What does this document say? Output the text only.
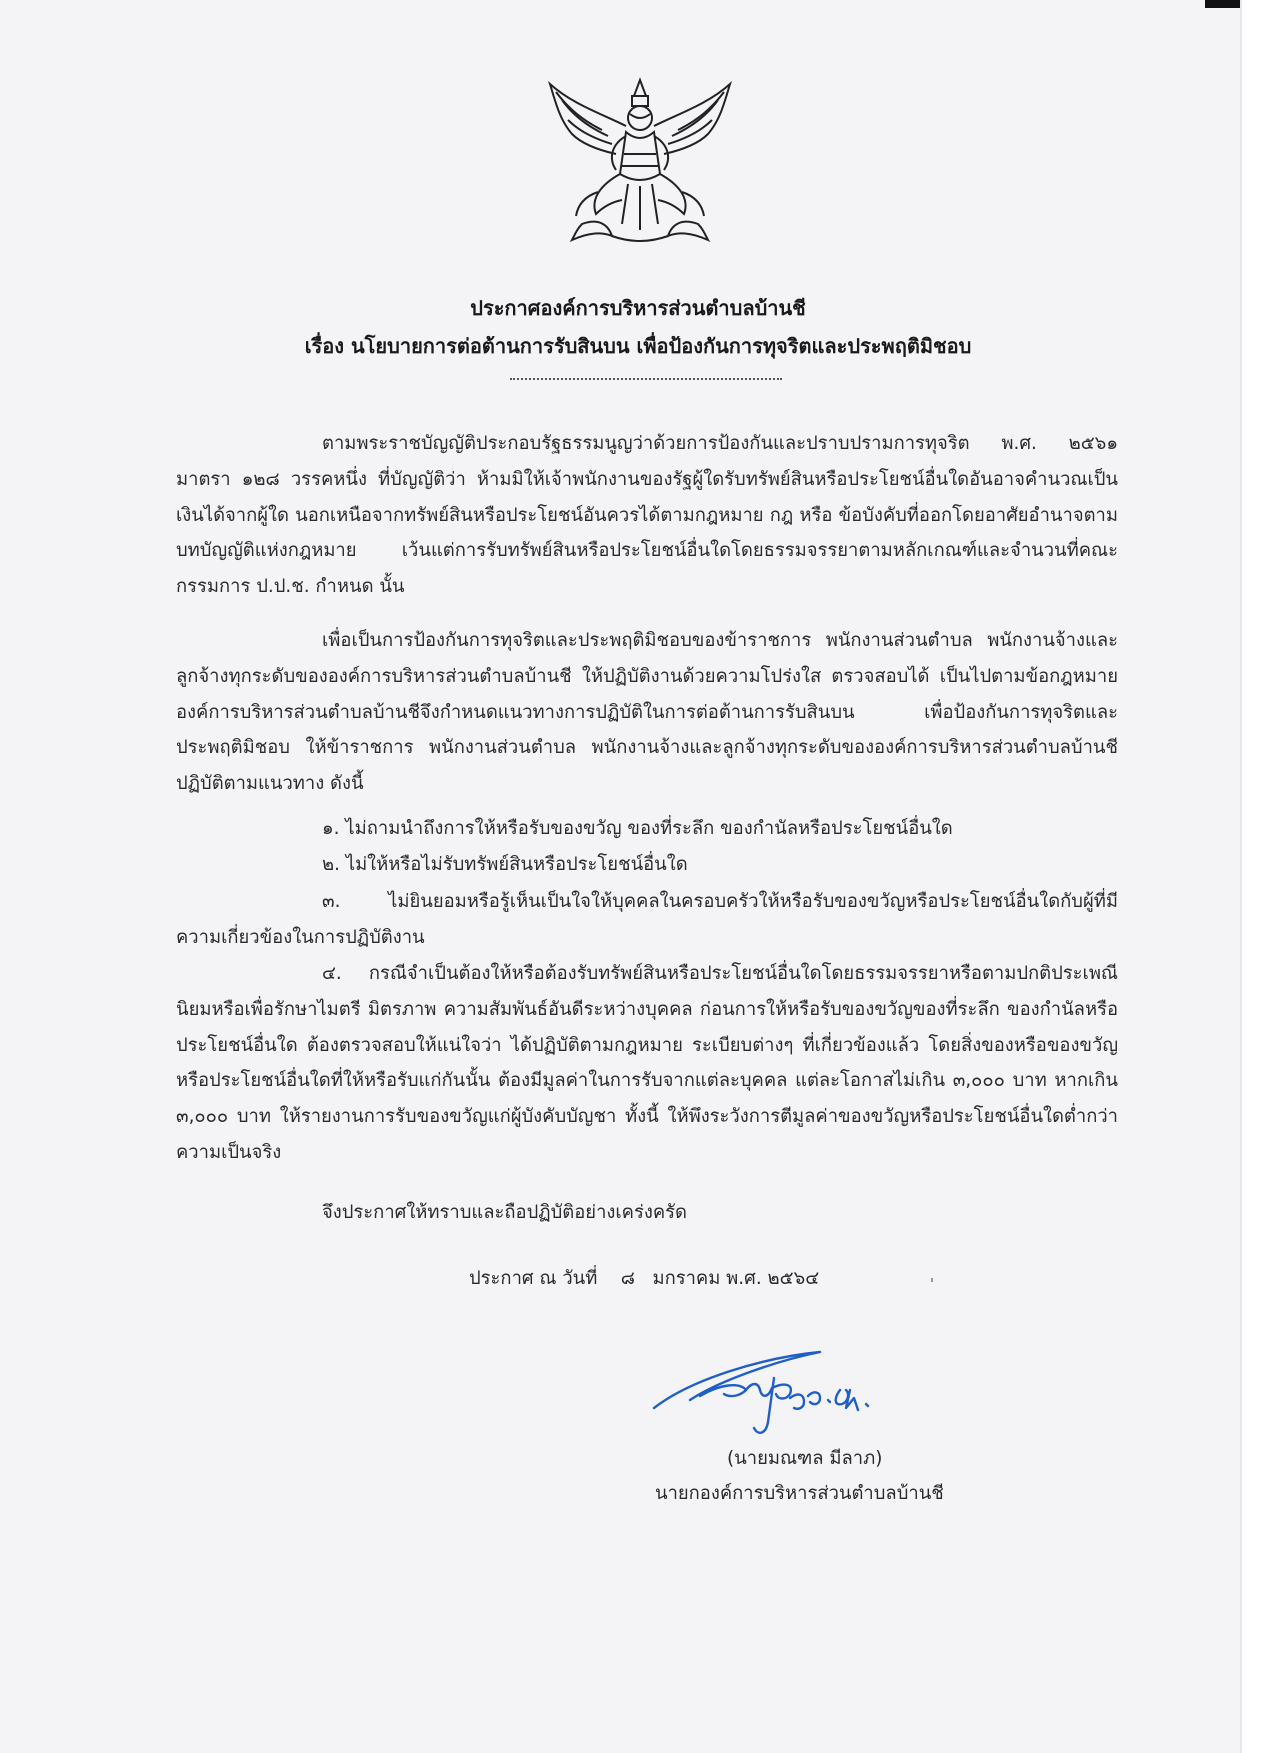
ประกาศองค์การบริหารส่วนตำบลบ้านชี
เรื่อง นโยบายการต่อต้านการรับสินบน เพื่อป้องกันการทุจริตและประพฤติมิชอบ

ตามพระราชบัญญัติประกอบรัฐธรรมนูญว่าด้วยการป้องกันและปราบปรามการทุจริต พ.ศ. ๒๕๖๑ มาตรา ๑๒๘ วรรคหนึ่ง ที่บัญญัติว่า ห้ามมิให้เจ้าพนักงานของรัฐผู้ใดรับทรัพย์สินหรือประโยชน์อื่นใดอันอาจคำนวณเป็นเงินได้จากผู้ใด นอกเหนือจากทรัพย์สินหรือประโยชน์อันควรได้ตามกฎหมาย กฎ หรือ ข้อบังคับที่ออกโดยอาศัยอำนาจตามบทบัญญัติแห่งกฎหมาย เว้นแต่การรับทรัพย์สินหรือประโยชน์อื่นใดโดยธรรมจรรยาตามหลักเกณฑ์และจำนวนที่คณะกรรมการ ป.ป.ช. กำหนด นั้น

เพื่อเป็นการป้องกันการทุจริตและประพฤติมิชอบของข้าราชการ พนักงานส่วนตำบล พนักงานจ้างและลูกจ้างทุกระดับขององค์การบริหารส่วนตำบลบ้านชี ให้ปฏิบัติงานด้วยความโปร่งใส ตรวจสอบได้ เป็นไปตามข้อกฎหมาย องค์การบริหารส่วนตำบลบ้านชีจึงกำหนดแนวทางการปฏิบัติในการต่อต้านการรับสินบน เพื่อป้องกันการทุจริตและประพฤติมิชอบ ให้ข้าราชการ พนักงานส่วนตำบล พนักงานจ้างและลูกจ้างทุกระดับขององค์การบริหารส่วนตำบลบ้านชี ปฏิบัติตามแนวทาง ดังนี้

๑. ไม่ถามนำถึงการให้หรือรับของขวัญ ของที่ระลึก ของกำนัลหรือประโยชน์อื่นใด

๒. ไม่ให้หรือไม่รับทรัพย์สินหรือประโยชน์อื่นใด

๓. ไม่ยินยอมหรือรู้เห็นเป็นใจให้บุคคลในครอบครัวให้หรือรับของขวัญหรือประโยชน์อื่นใดกับผู้ที่มีความเกี่ยวข้องในการปฏิบัติงาน

๔. กรณีจำเป็นต้องให้หรือต้องรับทรัพย์สินหรือประโยชน์อื่นใดโดยธรรมจรรยาหรือตามปกติประเพณีนิยมหรือเพื่อรักษาไมตรี มิตรภาพ ความสัมพันธ์อันดีระหว่างบุคคล ก่อนการให้หรือรับของขวัญของที่ระลึก ของกำนัลหรือประโยชน์อื่นใด ต้องตรวจสอบให้แน่ใจว่า ได้ปฏิบัติตามกฎหมาย ระเบียบต่างๆ ที่เกี่ยวข้องแล้ว โดยสิ่งของหรือของขวัญหรือประโยชน์อื่นใดที่ให้หรือรับแก่กันนั้น ต้องมีมูลค่าในการรับจากแต่ละบุคคล แต่ละโอกาสไม่เกิน ๓,๐๐๐ บาท หากเกิน ๓,๐๐๐ บาท ให้รายงานการรับของขวัญแก่ผู้บังคับบัญชา ทั้งนี้ ให้พึงระวังการตีมูลค่าของขวัญหรือประโยชน์อื่นใดต่ำกว่าความเป็นจริง

จึงประกาศให้ทราบและถือปฏิบัติอย่างเคร่งครัด
ประกาศ ณ วันที่    ๘   มกราคม พ.ศ. ๒๕๖๔
(นายมณฑล มีลาภ)
นายกองค์การบริหารส่วนตำบลบ้านชี
